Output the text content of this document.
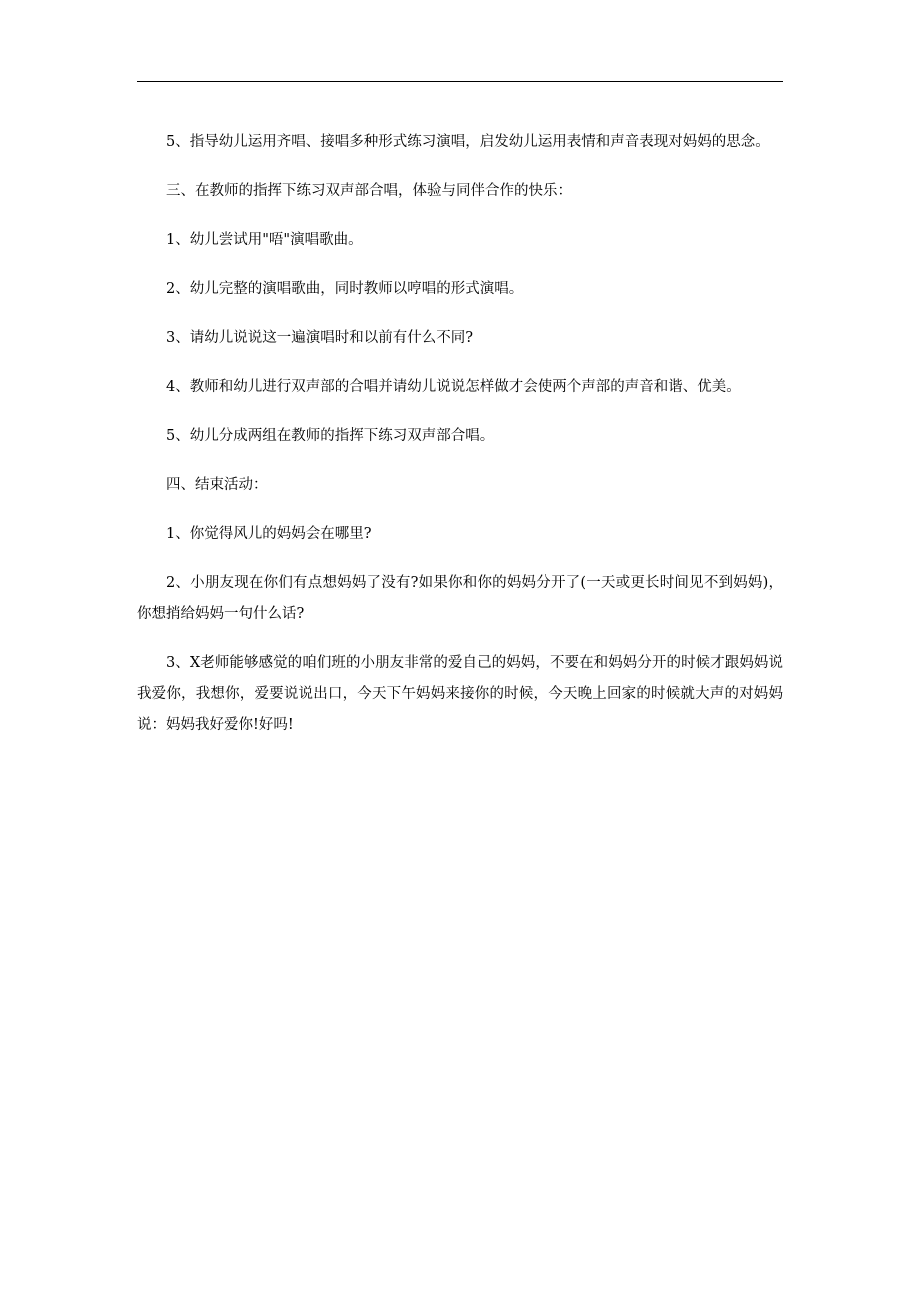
5、指导幼儿运用齐唱、接唱多种形式练习演唱，启发幼儿运用表情和声音表现对妈妈的思念。

三、在教师的指挥下练习双声部合唱，体验与同伴合作的快乐：

1、幼儿尝试用"唔"演唱歌曲。

2、幼儿完整的演唱歌曲，同时教师以哼唱的形式演唱。

3、请幼儿说说这一遍演唱时和以前有什么不同?

4、教师和幼儿进行双声部的合唱并请幼儿说说怎样做才会使两个声部的声音和谐、优美。

5、幼儿分成两组在教师的指挥下练习双声部合唱。

四、结束活动：

1、你觉得风儿的妈妈会在哪里?

2、小朋友现在你们有点想妈妈了没有?如果你和你的妈妈分开了(一天或更长时间见不到妈妈)，你想捎给妈妈一句什么话?

3、X老师能够感觉的咱们班的小朋友非常的爱自己的妈妈，不要在和妈妈分开的时候才跟妈妈说我爱你，我想你，爱要说说出口，今天下午妈妈来接你的时候，今天晚上回家的时候就大声的对妈妈说：妈妈我好爱你!好吗!
